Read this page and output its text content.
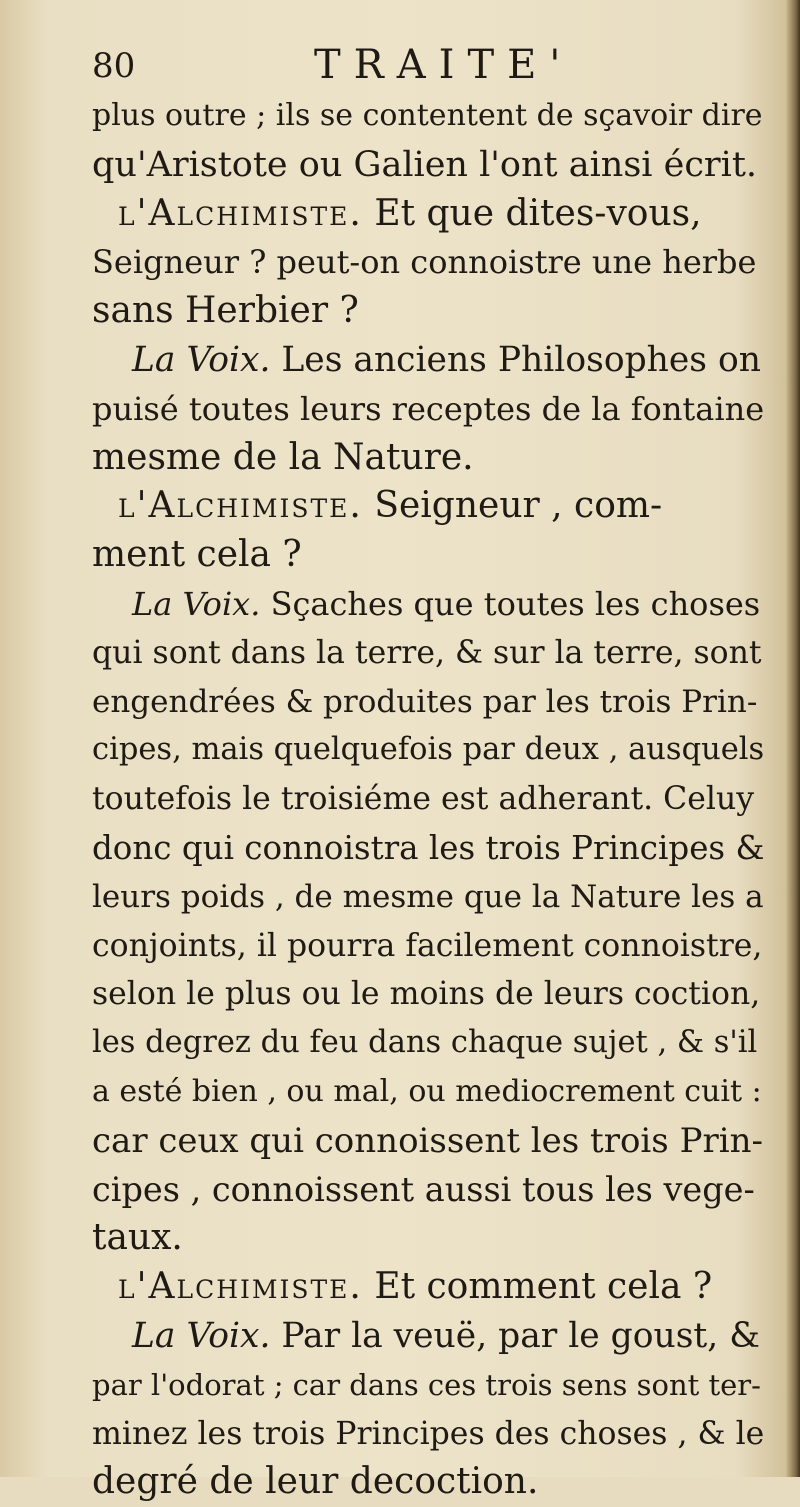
80	TRAITE'
plus outre ; ils se contentent de sçavoir dire
qu'Aristote ou Galien l'ont ainsi écrit.
l'Alchimiste. Et que dites-vous,
Seigneur ? peut-on connoistre une herbe
sans Herbier ?
La Voix. Les anciens Philosophes on
puisé toutes leurs receptes de la fontaine
mesme de la Nature.
l'Alchimiste. Seigneur , com-
ment cela ?
La Voix. Sçaches que toutes les choses
qui sont dans la terre, & sur la terre, sont
engendrées & produites par les trois Prin-
cipes, mais quelquefois par deux , ausquels
toutefois le troisiéme est adherant. Celuy
donc qui connoistra les trois Principes &
leurs poids , de mesme que la Nature les a
conjoints, il pourra facilement connoistre,
selon le plus ou le moins de leurs coction,
les degrez du feu dans chaque sujet , & s'il
a esté bien , ou mal, ou mediocrement cuit :
car ceux qui connoissent les trois Prin-
cipes , connoissent aussi tous les vege-
taux.
l'Alchimiste. Et comment cela ?
La Voix. Par la veuë, par le goust, &
par l'odorat ; car dans ces trois sens sont ter-
minez les trois Principes des choses , & le
degré de leur decoction.
